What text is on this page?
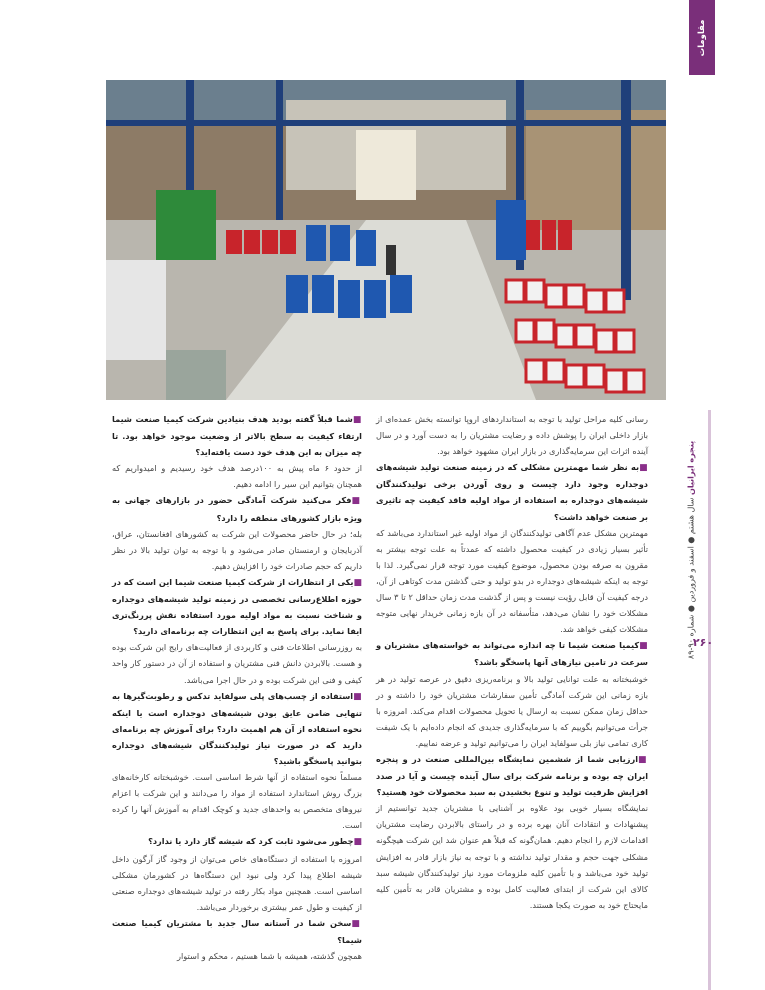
مقاومات

رسانی کلیه مراحل تولید با توجه به استانداردهای اروپا توانسته بخش عمده‌ای از بازار داخلی ایران را پوشش داده و رضایت مشتریان را به دست آورد و در سال آینده اثرات این سرمایه‌گذاری در بازار ایران مشهود خواهد بود.

■به نظر شما مهمترین مشکلی که در زمینه صنعت تولید شیشه‌های دوجداره وجود دارد چیست و روی آوردن برخی تولیدکنندگان شیشه‌های دوجداره به استفاده از مواد اولیه فاقد کیفیت چه تاثیری بر صنعت خواهد داشت؟

مهمترین مشکل عدم آگاهی تولیدکنندگان از مواد اولیه غیر استاندارد می‌باشد که تأثیر بسیار زیادی در کیفیت محصول داشته که عمدتاً به علت توجه بیشتر به مقرون به صرفه بودن محصول، موضوع کیفیت مورد توجه قرار نمی‌گیرد. لذا با توجه به اینکه شیشه‌های دوجداره در بدو تولید و حتی گذشتن مدت کوتاهی از آن، درجه کیفیت آن قابل رؤیت نیست و پس از گذشت مدت زمان حداقل ۲ تا ۳ سال مشکلات خود را نشان می‌دهد، متأسفانه در آن بازه زمانی خریدار نهایی متوجه مشکلات کیفی خواهد شد.

■کیمیا صنعت شیما تا چه اندازه می‌تواند به خواسته‌های مشتریان و سرعت در تامین نیازهای آنها پاسخگو باشد؟

خوشبختانه به علت توانایی تولید بالا و برنامه‌ریزی دقیق در عرصه تولید در هر بازه زمانی این شرکت آمادگی تأمین سفارشات مشتریان خود را داشته و در حداقل زمان ممکن نسبت به ارسال یا تحویل محصولات اقدام می‌کند. امروزه با جرأت می‌توانیم بگوییم که با سرمایه‌گذاری جدیدی که انجام داده‌ایم با یک شیفت کاری تمامی نیاز بلی سولفاید ایران را می‌توانیم تولید و عرضه نماییم.

■ارزیابی شما از ششمین نمایشگاه بین‌المللی صنعت در و پنجره ایران چه بوده و برنامه شرکت برای سال آینده چیست و آیا در صدد افزایش ظرفیت تولید و تنوع بخشیدن به سبد محصولات خود هستید؟

نمایشگاه بسیار خوبی بود علاوه بر آشنایی با مشتریان جدید توانستیم از پیشنهادات و انتقادات آنان بهره برده و در راستای بالابردن رضایت مشتریان اقدامات لازم را انجام دهیم. همان‌گونه که قبلاً هم عنوان شد این شرکت هیچگونه مشکلی جهت حجم و مقدار تولید نداشته و با توجه به نیاز بازار قادر به افزایش تولید خود می‌باشد و با تأمین کلیه ملزومات مورد نیاز تولیدکنندگان شیشه سبد کالای این شرکت از ابتدای فعالیت کامل بوده و مشتریان قادر به تأمین کلیه مایحتاج خود به صورت یکجا هستند.

■شما قبلاً گفته بودید هدف بنیادین شرکت کیمیا صنعت شیما ارتقاء کیفیت به سطح بالاتر از وضعیت موجود خواهد بود. تا چه میزان به این هدف خود دست یافته‌اید؟

از حدود ۶ ماه پیش به ۱۰۰درصد هدف خود رسیدیم و امیدواریم که همچنان بتوانیم این سیر را ادامه دهیم.

■فکر می‌کنید شرکت آمادگی حضور در بازارهای جهانی به ویژه بازار کشورهای منطقه را دارد؟

بله؛ در حال حاضر محصولات این شرکت به کشورهای افغانستان، عراق، آذربایجان و ارمنستان صادر می‌شود و با توجه به توان تولید بالا در نظر داریم که حجم صادرات خود را افزایش دهیم.

■یکی از انتظارات از شرکت کیمیا صنعت شیما این است که در حوزه اطلاع‌رسانی تخصصی در زمینه تولید شیشه‌های دوجداره و شناخت نسبت به مواد اولیه مورد استفاده نقش پررنگ‌تری ایفا نماید. برای پاسخ به این انتظارات چه برنامه‌ای دارید؟

به روزرسانی اطلاعات فنی و کاربردی از فعالیت‌های رایج این شرکت بوده و هست. بالابردن دانش فنی مشتریان و استفاده از آن در دستور کار واحد کیفی و فنی این شرکت بوده و در حال اجرا می‌باشد.

■استفاده از چسب‌های پلی سولفاید تدکس و رطوبت‌گیرها به تنهایی ضامن عایق بودن شیشه‌های دوجداره است یا اینکه نحوه استفاده از آن هم اهمیت دارد؟ برای آموزش چه برنامه‌ای دارید که در صورت نیاز تولیدکنندگان شیشه‌های دوجداره بتوانید پاسخگو باشید؟

مسلماً نحوه استفاده از آنها شرط اساسی است. خوشبختانه کارخانه‌های بزرگ روش استاندارد استفاده از مواد را می‌دانند و این شرکت با اعزام نیروهای متخصص به واحدهای جدید و کوچک اقدام به آموزش آنها را کرده است.

■چطور می‌شود ثابت کرد که شیشه گاز دارد یا ندارد؟

امروزه با استفاده از دستگاه‌های خاص می‌توان از وجود گاز آرگون داخل شیشه اطلاع پیدا کرد ولی نبود این دستگاه‌ها در کشورمان مشکلی اساسی است. همچنین مواد بکار رفته در تولید شیشه‌های دوجداره صنعتی از کیفیت و طول عمر بیشتری برخوردار می‌باشد.

■سخن شما در آستانه سال جدید با مشتریان کیمیا صنعت شیما؟

همچون گذشته، همیشه با شما هستیم ، محکم و استوار

پنجره ایرانیان سال هشتم ● اسفند و فروردین ● شماره ۹۰-۸۹
۲۶۰
